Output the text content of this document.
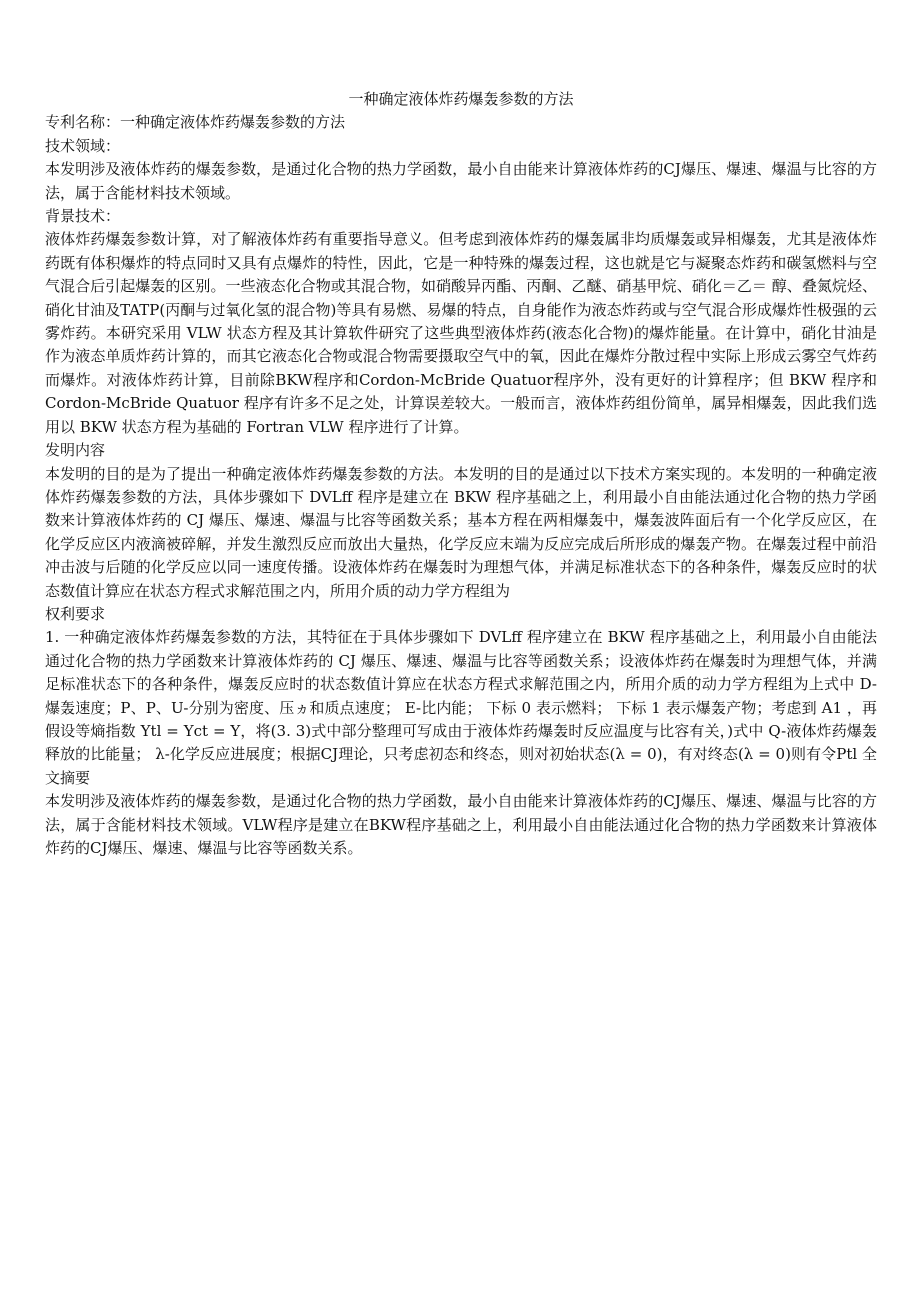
一种确定液体炸药爆轰参数的方法

专利名称：一种确定液体炸药爆轰参数的方法

技术领域：

本发明涉及液体炸药的爆轰参数，是通过化合物的热力学函数，最小自由能来计算液体炸药的CJ爆压、爆速、爆温与比容的方法，属于含能材料技术领域。

背景技术：

液体炸药爆轰参数计算，对了解液体炸药有重要指导意义。但考虑到液体炸药的爆轰属非均质爆轰或异相爆轰，尤其是液体炸药既有体积爆炸的特点同时又具有点爆炸的特性，因此，它是一种特殊的爆轰过程，这也就是它与凝聚态炸药和碳氢燃料与空气混合后引起爆轰的区别。一些液态化合物或其混合物，如硝酸异丙酯、丙酮、乙醚、硝基甲烷、硝化＝乙＝ 醇、叠氮烷烃、硝化甘油及TATP(丙酮与过氧化氢的混合物)等具有易燃、易爆的特点，自身能作为液态炸药或与空气混合形成爆炸性极强的云雾炸药。本研究采用 VLW 状态方程及其计算软件研究了这些典型液体炸药(液态化合物)的爆炸能量。在计算中，硝化甘油是作为液态单质炸药计算的，而其它液态化合物或混合物需要摄取空气中的氧，因此在爆炸分散过程中实际上形成云雾空气炸药而爆炸。对液体炸药计算，目前除BKW程序和Cordon-McBride Quatuor程序外，没有更好的计算程序；但 BKW 程序和 Cordon-McBride Quatuor 程序有许多不足之处，计算误差较大。一般而言，液体炸药组份简单，属异相爆轰，因此我们选用以 BKW 状态方程为基础的 Fortran VLW 程序进行了计算。

发明内容

本发明的目的是为了提出一种确定液体炸药爆轰参数的方法。本发明的目的是通过以下技术方案实现的。本发明的一种确定液体炸药爆轰参数的方法，具体步骤如下 DVLff 程序是建立在 BKW 程序基础之上，利用最小自由能法通过化合物的热力学函数来计算液体炸药的 CJ 爆压、爆速、爆温与比容等函数关系；基本方程在两相爆轰中，爆轰波阵面后有一个化学反应区，在化学反应区内液滴被碎解，并发生激烈反应而放出大量热，化学反应末端为反应完成后所形成的爆轰产物。在爆轰过程中前沿冲击波与后随的化学反应以同一速度传播。设液体炸药在爆轰时为理想气体，并满足标准状态下的各种条件，爆轰反应时的状态数值计算应在状态方程式求解范围之内，所用介质的动力学方程组为

权利要求

1. 一种确定液体炸药爆轰参数的方法，其特征在于具体步骤如下 DVLff 程序建立在 BKW 程序基础之上，利用最小自由能法通过化合物的热力学函数来计算液体炸药的 CJ 爆压、爆速、爆温与比容等函数关系；设液体炸药在爆轰时为理想气体，并满足标准状态下的各种条件，爆轰反应时的状态数值计算应在状态方程式求解范围之内，所用介质的动力学方程组为上式中 D-爆轰速度；P、P、U-分别为密度、压ヵ和质点速度； E-比内能； 下标 0 表示燃料； 下标 1 表示爆轰产物；考虑到 A1 ，再假设等熵指数 Ytl = Yct = Y，将(3. 3)式中部分整理可写成由于液体炸药爆轰时反应温度与比容有关，)式中 Q-液体炸药爆轰释放的比能量； λ-化学反应进展度；根据CJ理论，只考虑初态和终态，则对初始状态(λ = 0)，有对终态(λ = 0)则有令Ptl 全文摘要

本发明涉及液体炸药的爆轰参数，是通过化合物的热力学函数，最小自由能来计算液体炸药的CJ爆压、爆速、爆温与比容的方法，属于含能材料技术领域。VLW程序是建立在BKW程序基础之上，利用最小自由能法通过化合物的热力学函数来计算液体炸药的CJ爆压、爆速、爆温与比容等函数关系。
